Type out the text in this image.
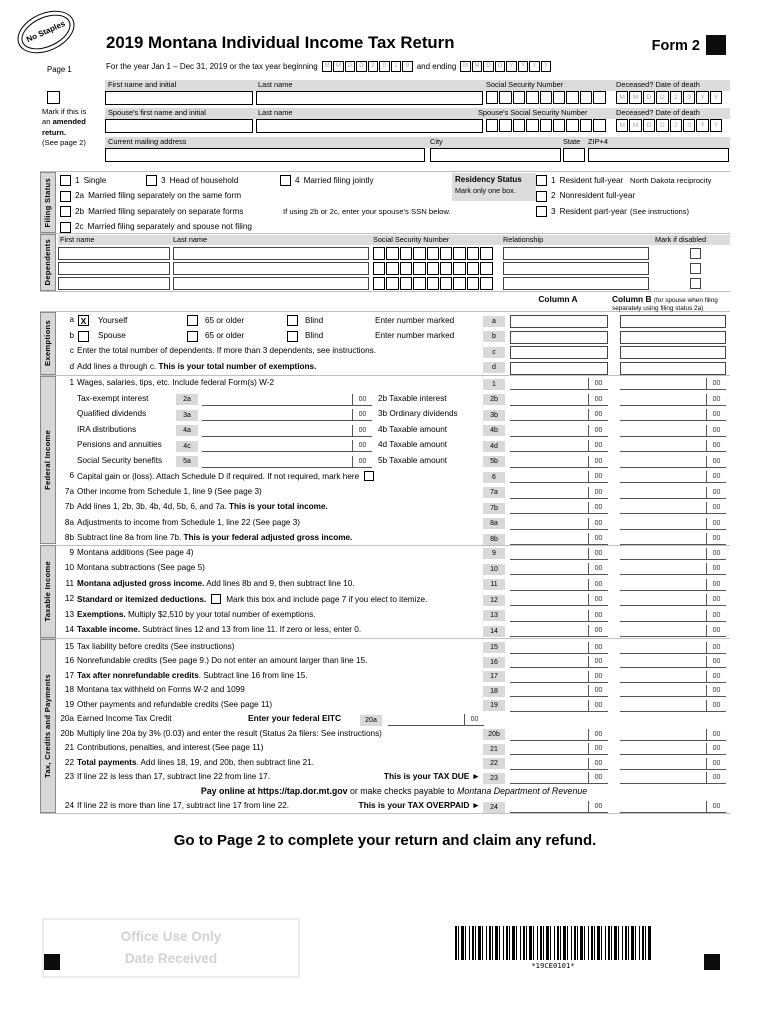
No Staples 2019 Montana Individual Income Tax Return	Form 2
Page 1	For the year Jan 1 – Dec 31, 2019 or the tax year beginning	M	M	D	D	2	0	1	9 and ending	M	M	D	D	Y	Y	Y	Y
First name and initial	Last name	Social Security Number	Deceased? Date of death
M	M	D	D	2	0	Y	Y
Spouse's first name and initial	Last name	Spouse's Social Security Number	Deceased? Date of death
M	M	D	D	2	0	Y	Y
Current mailing address	City	State ZIP+4
Mark if this is
an amended
return.
(See page 2)
Filing Status
Dependents
Exemptions
Federal Income
Taxable Income
Tax, Credits and Payments
1 Single	3 Head of household	4 Married filing jointly
2a Married filing separately on the same form
2b Married filing separately on separate forms	If using 2b or 2c, enter your spouse's SSN below.
2c Married filing separately and spouse not filing
Residency Status
Mark only one box.
1 Resident full-year
2 Nonresident full-year
3 Resident part-year
North Dakota reciprocity
(See instructions)
First name	Last name	Social Security Number	Relationship	Mark if disabled
Column A	Column B (for spouse when filing
separately using filing status 2a)
a X	Yourself	65 or older	Blind	Enter number marked	a
b	Spouse	65 or older	Blind	Enter number marked	b
c Enter the total number of dependents. If more than 3 dependents, see instructions.	c
d Add lines a through c. This is your total number of exemptions.	d
1 Wages, salaries, tips, etc. Include federal Form(s) W-2	1	00	00
Tax-exempt interest	2a	00	2b Taxable interest	2b	00	00
Qualified dividends	3a	00	3b Ordinary dividends	3b	00	00
IRA distributions	4a	00	4b Taxable amount	4b	00	00
Pensions and annuities	4c	00	4d Taxable amount	4d	00	00
Social Security benefits	5a	00	5b Taxable amount	5b	00	00
6 Capital gain or (loss). Attach Schedule D if required. If not required, mark here	6	00	00
7a Other income from Schedule 1, line 9 (See page 3)	7a	00	00
7b Add lines 1, 2b, 3b, 4b, 4d, 5b, 6, and 7a. This is your total income.	7b	00	00
8a Adjustments to income from Schedule 1, line 22 (See page 3)	8a	00	00
8b Subtract line 8a from line 7b. This is your federal adjusted gross income.	8b	00	00
9 Montana additions (See page 4)	9	00	00
10 Montana subtractions (See page 5)	10	00	00
11 Montana adjusted gross income. Add lines 8b and 9, then subtract line 10.	11	00	00
12 Standard or itemized deductions. Mark this box and include page 7 if you elect to itemize.	12	00	00
13 Exemptions. Multiply $2,510 by your total number of exemptions.	13	00	00
14 Taxable income. Subtract lines 12 and 13 from line 11. If zero or less, enter 0.	14	00	00
15 Tax liability before credits (See instructions)	15	00	00
16 Nonrefundable credits (See page 9.) Do not enter an amount larger than line 15.	16	00	00
17 Tax after nonrefundable credits. Subtract line 16 from line 15.	17	00	00
18 Montana tax withheld on Forms W-2 and 1099	18	00	00
19 Other payments and refundable credits (See page 11)	19	00	00
20a Earned Income Tax Credit	Enter your federal EITC	20a	00
20b Multiply line 20a by 3% (0.03) and enter the result (Status 2a filers: See instructions)	20b	00	00
21 Contributions, penalties, and interest (See page 11)	21	00	00
22 Total payments. Add lines 18, 19, and 20b, then subtract line 21.	22	00	00
23 If line 22 is less than 17, subtract line 22 from line 17.	This is your TAX DUE ►	23	00	00
Pay online at https://tap.dor.mt.gov or make checks payable to Montana Department of Revenue
24 If line 22 is more than line 17, subtract line 17 from line 22.	This is your TAX OVERPAID ►	24	00	00
Go to Page 2 to complete your return and claim any refund.
Office Use Only
Date Received	*19CE0101*
